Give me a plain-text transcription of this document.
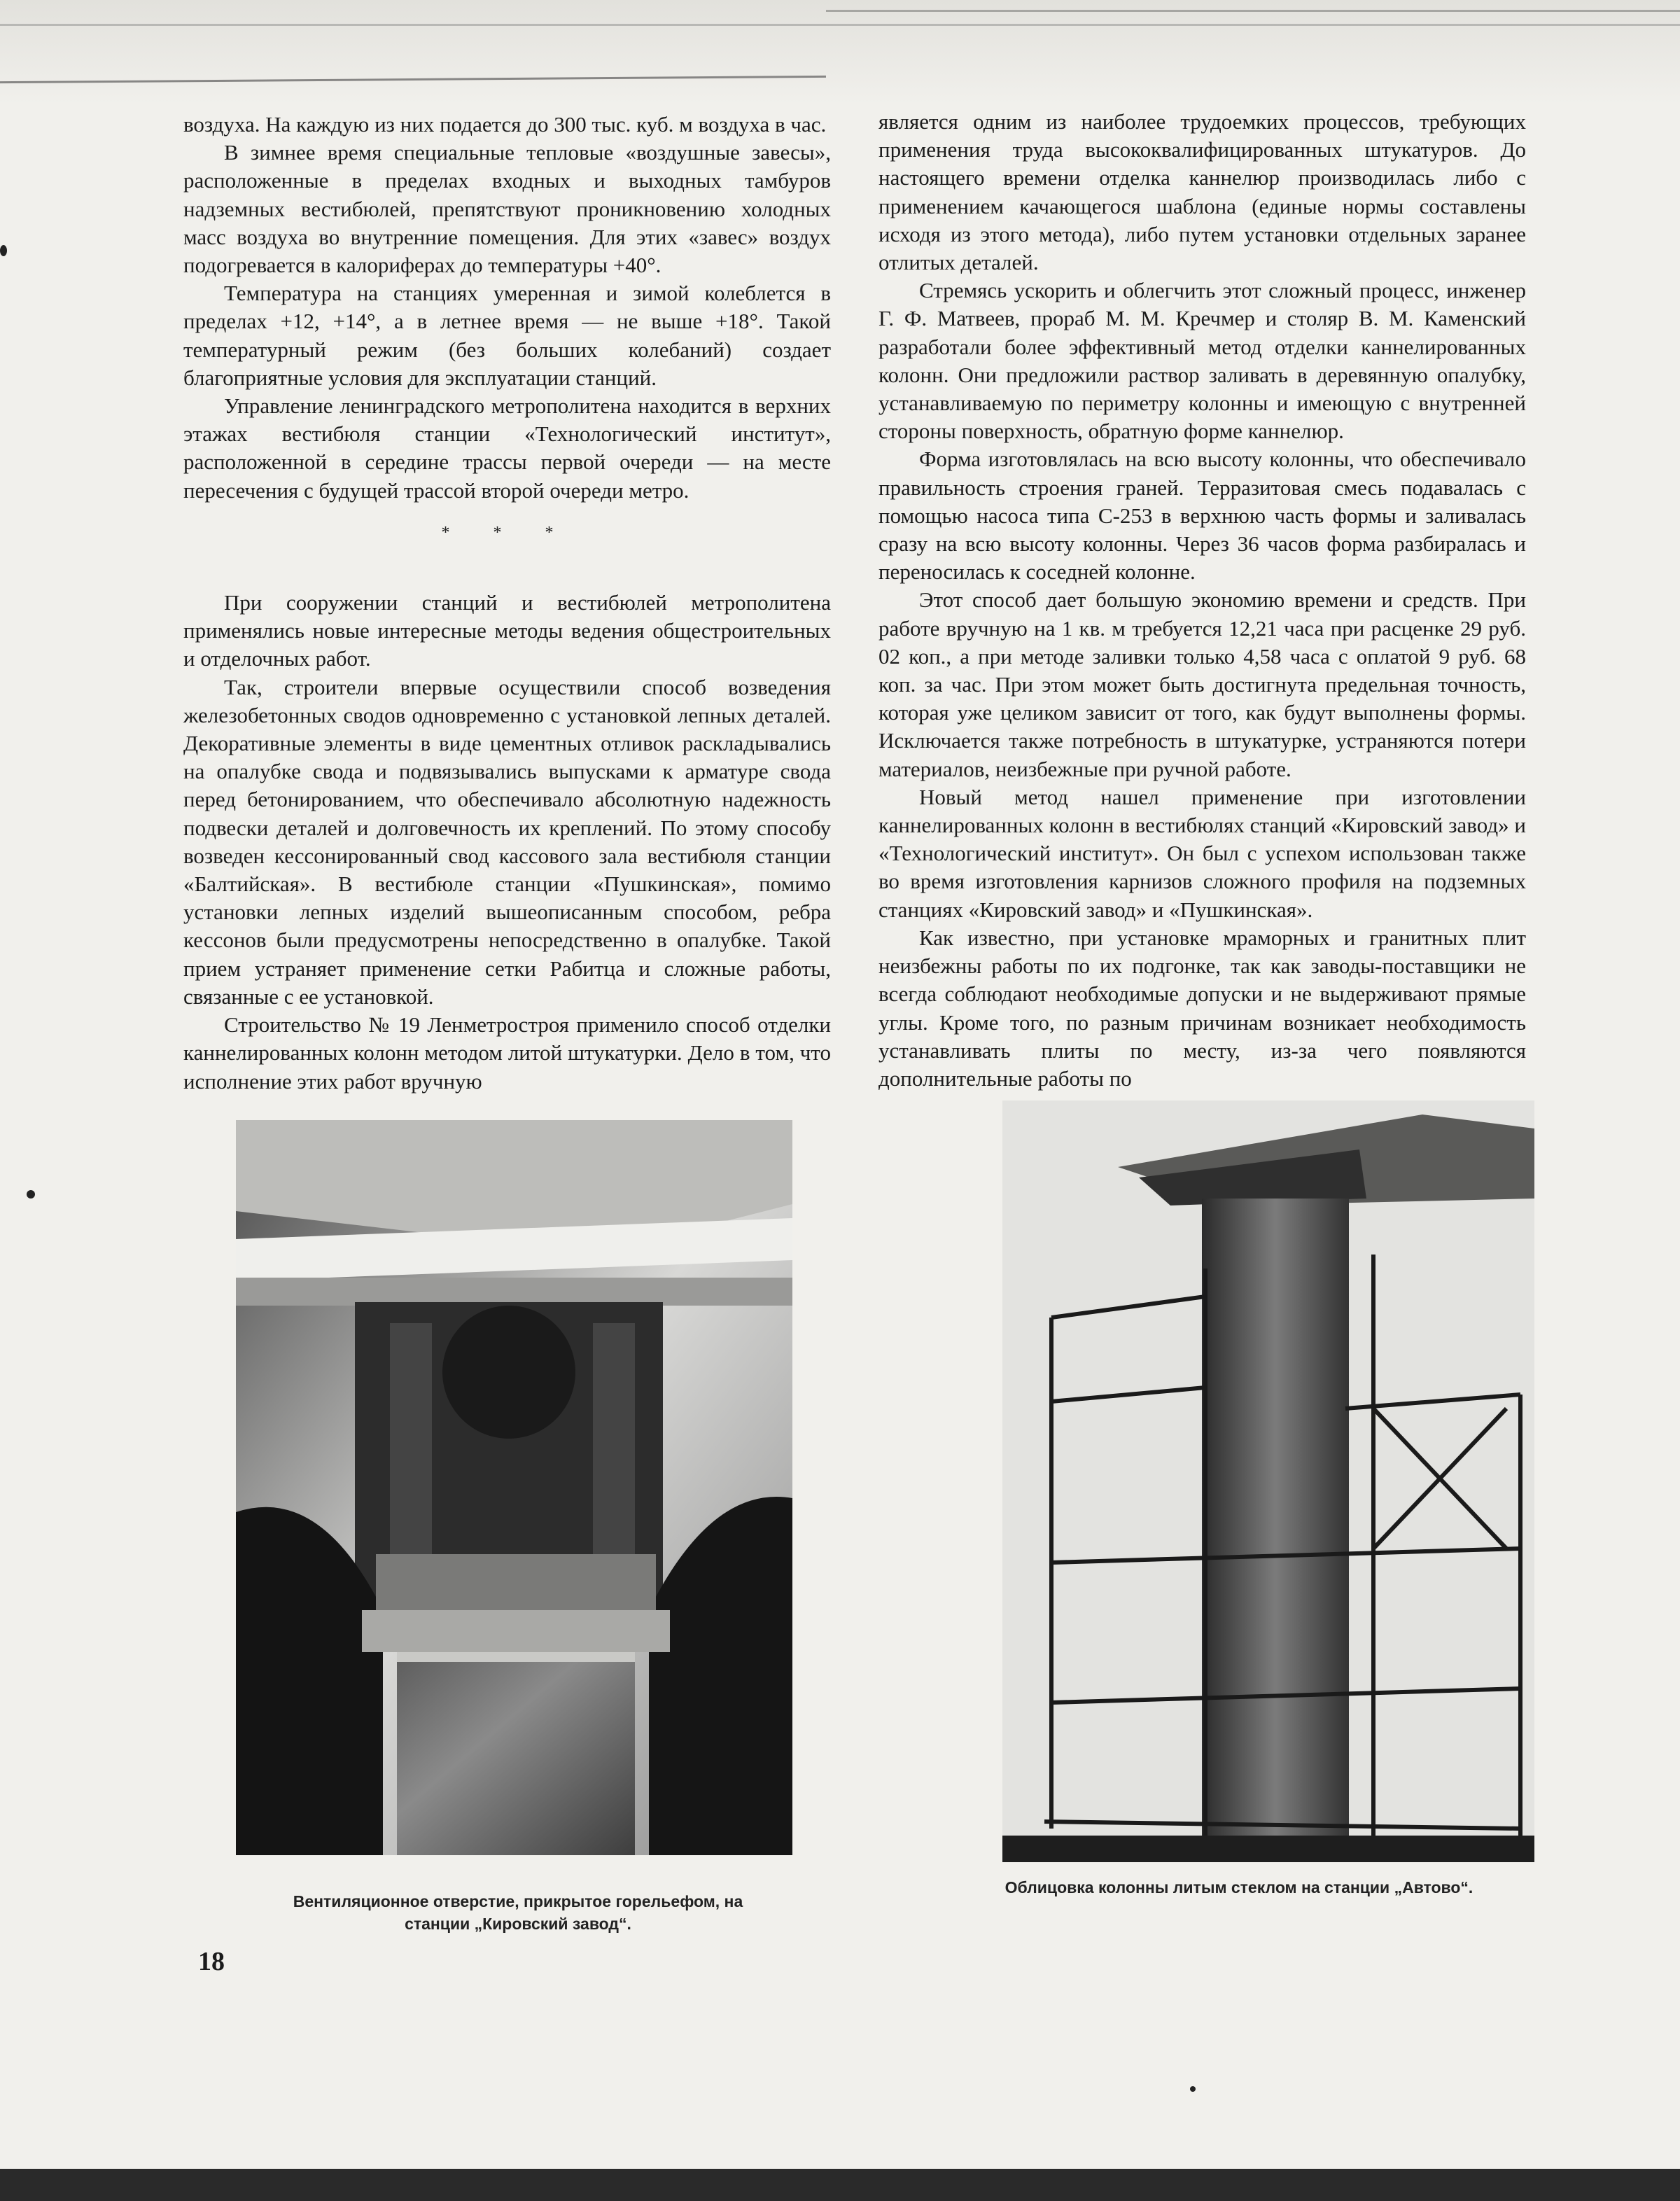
воздуха. На каждую из них подается до 300 тыс. куб. м воздуха в час.

В зимнее время специальные тепловые «воздушные завесы», расположенные в пределах входных и выходных тамбуров надземных вестибюлей, препятствуют проникновению холодных масс воздуха во внутренние помещения. Для этих «завес» воздух подогревается в калориферах до температуры +40°.

Температура на станциях умеренная и зимой колеблется в пределах +12, +14°, а в летнее время — не выше +18°. Такой температурный режим (без больших колебаний) создает благоприятные условия для эксплуатации станций.

Управление ленинградского метрополитена находится в верхних этажах вестибюля станции «Технологический институт», расположенной в середине трассы первой очереди — на месте пересечения с будущей трассой второй очереди метро.

* * *

При сооружении станций и вестибюлей метрополитена применялись новые интересные методы ведения общестроительных и отделочных работ.

Так, строители впервые осуществили способ возведения железобетонных сводов одновременно с установкой лепных деталей. Декоративные элементы в виде цементных отливок раскладывались на опалубке свода и подвязывались выпусками к арматуре свода перед бетонированием, что обеспечивало абсолютную надежность подвески деталей и долговечность их креплений. По этому способу возведен кессонированный свод кассового зала вестибюля станции «Балтийская». В вестибюле станции «Пушкинская», помимо установки лепных изделий вышеописанным способом, ребра кессонов были предусмотрены непосредственно в опалубке. Такой прием устраняет применение сетки Рабитца и сложные работы, связанные с ее установкой.

Строительство № 19 Ленметростроя применило способ отделки каннелированных колонн методом литой штукатурки. Дело в том, что исполнение этих работ вручную

является одним из наиболее трудоемких процессов, требующих применения труда высококвалифицированных штукатуров. До настоящего времени отделка каннелюр производилась либо с применением качающегося шаблона (единые нормы составлены исходя из этого метода), либо путем установки отдельных заранее отлитых деталей.

Стремясь ускорить и облегчить этот сложный процесс, инженер Г. Ф. Матвеев, прораб М. М. Кречмер и столяр В. М. Каменский разработали более эффективный метод отделки каннелированных колонн. Они предложили раствор заливать в деревянную опалубку, устанавливаемую по периметру колонны и имеющую с внутренней стороны поверхность, обратную форме каннелюр.

Форма изготовлялась на всю высоту колонны, что обеспечивало правильность строения граней. Терразитовая смесь подавалась с помощью насоса типа С-253 в верхнюю часть формы и заливалась сразу на всю высоту колонны. Через 36 часов форма разбиралась и переносилась к соседней колонне.

Этот способ дает большую экономию времени и средств. При работе вручную на 1 кв. м требуется 12,21 часа при расценке 29 руб. 02 коп., а при методе заливки только 4,58 часа с оплатой 9 руб. 68 коп. за час. При этом может быть достигнута предельная точность, которая уже целиком зависит от того, как будут выполнены формы. Исключается также потребность в штукатурке, устраняются потери материалов, неизбежные при ручной работе.

Новый метод нашел применение при изготовлении каннелированных колонн в вестибюлях станций «Кировский завод» и «Технологический институт». Он был с успехом использован также во время изготовления карнизов сложного профиля на подземных станциях «Кировский завод» и «Пушкинская».

Как известно, при установке мраморных и гранитных плит неизбежны работы по их подгонке, так как заводы-поставщики не всегда соблюдают необходимые допуски и не выдерживают прямые углы. Кроме того, по разным причинам возникает необходимость устанавливать плиты по месту, из-за чего появляются дополнительные работы по

Вентиляционное отверстие, прикрытое горельефом, на станции „Кировский завод“.
Облицовка колонны литым стеклом на станции „Автово“.
18
